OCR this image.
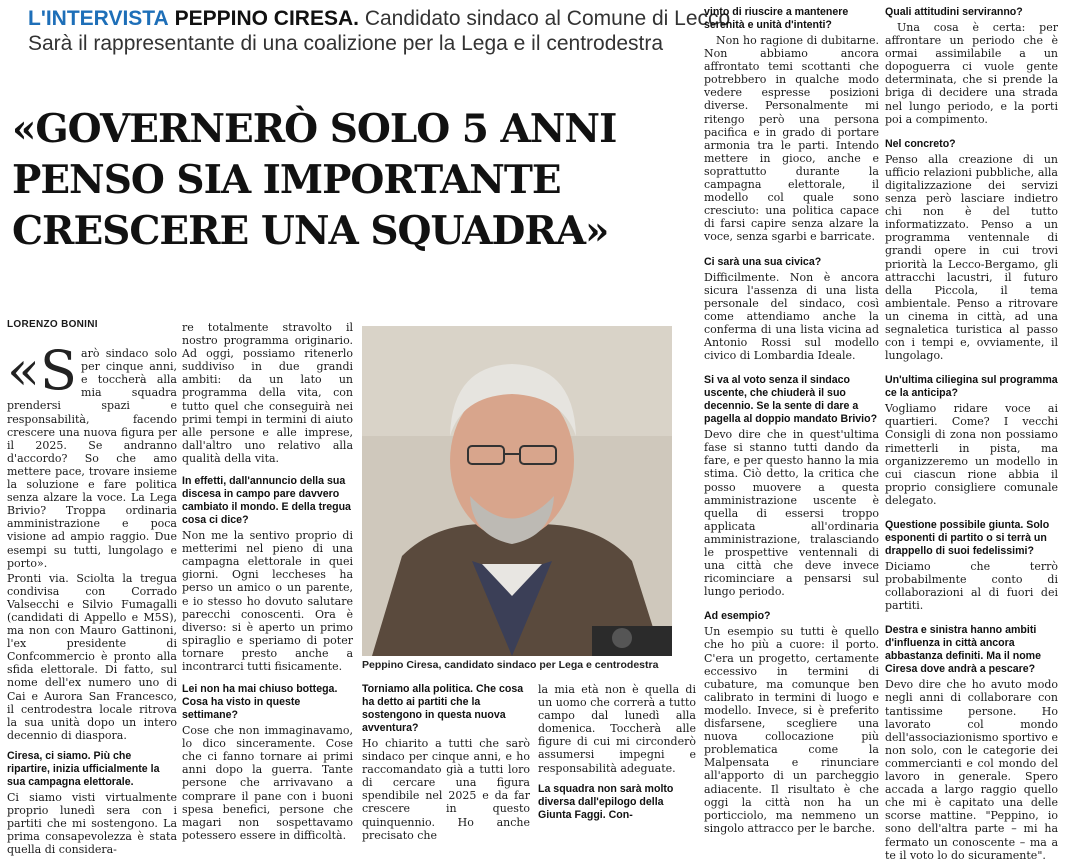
L'INTERVISTA PEPPINO CIRESA. Candidato sindaco al Comune di Lecco
Sarà il rappresentante di una coalizione per la Lega e il centrodestra
«GOVERNERÒ SOLO 5 ANNI
PENSO SIA IMPORTANTE
CRESCERE UNA SQUADRA»
LORENZO BONINI
«S arò sindaco solo per cinque anni, e toccherà alla mia squadra prendersi spazi e responsabilità, facendo crescere una nuova figura per il 2025. Se andranno d'accordo? So che amo mettere pace, trovare insieme la soluzione e fare politica senza alzare la voce. La Lega Brivio? Troppa ordinaria amministrazione e poca visione ad ampio raggio. Due esempi su tutti, lungolago e porto».

Pronti via. Sciolta la tregua condivisa con Corrado Valsecchi e Silvio Fumagalli (candidati di Appello e M5S), ma non con Mauro Gattinoni, l'ex presidente di Confcommercio è pronto alla sfida elettorale. Di fatto, sul nome dell'ex numero uno di Cai e Aurora San Francesco, il centrodestra locale ritrova la sua unità dopo un intero decennio di diaspora.

Ciresa, ci siamo. Più che ripartire, inizia ufficialmente la sua campagna elettorale.

Ci siamo visti virtualmente proprio lunedì sera con i partiti che mi sostengono. La prima consapevolezza è stata quella di considera-

re totalmente stravolto il nostro programma originario. Ad oggi, possiamo ritenerlo suddiviso in due grandi ambiti: da un lato un programma della vita, con tutto quel che conseguirà nei primi tempi in termini di aiuto alle persone e alle imprese, dall'altro uno relativo alla qualità della vita.

In effetti, dall'annuncio della sua discesa in campo pare davvero cambiato il mondo. E della tregua cosa ci dice?

Non me la sentivo proprio di metterimi nel pieno di una campagna elettorale in quei giorni. Ogni leccheses ha perso un amico o un parente, e io stesso ho dovuto salutare parecchi conoscenti. Ora è diverso: si è aperto un primo spiraglio e speriamo di poter tornare presto anche a incontrarci tutti fisicamente.

Lei non ha mai chiuso bottega. Cosa ha visto in queste settimane?

Cose che non immaginavamo, lo dico sinceramente. Cose che ci fanno tornare ai primi anni dopo la guerra. Tante persone che arrivavano a comprare il pane con i buoni spesa benefici, persone che magari non sospettavamo potessero essere in difficoltà.

Peppino Ciresa, candidato sindaco per Lega e centrodestra

Torniamo alla politica. Che cosa ha detto ai partiti che la sostengono in questa nuova avventura?

Ho chiarito a tutti che sarò sindaco per cinque anni, e ho raccomandato già a tutti loro di cercare una figura spendibile nel 2025 e da far crescere in questo quinquennio. Ho anche precisato che

la mia età non è quella di un uomo che correrà a tutto campo dal lunedì alla domenica. Toccherà alle figure di cui mi circonderò assumersi impegni e responsabilità adeguate.

La squadra non sarà molto diversa dall'epilogo della Giunta Faggi. Con-

vinto di riuscire a mantenere serenità e unità d'intenti?

Non ho ragione di dubitarne. Non abbiamo ancora affrontato temi scottanti che potrebbero in qualche modo vedere espresse posizioni diverse. Personalmente mi ritengo però una persona pacifica e in grado di portare armonia tra le parti. Intendo mettere in gioco, anche e soprattutto durante la campagna elettorale, il modello col quale sono cresciuto: una politica capace di farsi capire senza alzare la voce, senza sgarbi e barricate.

Ci sarà una sua civica?

Difficilmente. Non è ancora sicura l'assenza di una lista personale del sindaco, così come attendiamo anche la conferma di una lista vicina ad Antonio Rossi sul modello civico di Lombardia Ideale.

Si va al voto senza il sindaco uscente, che chiuderà il suo decennio. Se la sente di dare a pagella al doppio mandato Brivio?

Devo dire che in quest'ultima fase si stanno tutti dando da fare, e per questo hanno la mia stima. Ciò detto, la critica che posso muovere a questa amministrazione uscente è quella di essersi troppo applicata all'ordinaria amministrazione, tralasciando le prospettive ventennali di una città che deve invece ricominciare a pensarsi sul lungo periodo.

Ad esempio?

Un esempio su tutti è quello che ho più a cuore: il porto. C'era un progetto, certamente eccessivo in termini di cubature, ma comunque ben calibrato in termini di luogo e modello. Invece, si è preferito disfarsene, scegliere una nuova collocazione più problematica come la Malpensata e rinunciare all'apporto di un parcheggio adiacente. Il risultato è che oggi la città non ha un porticciolo, ma nemmeno un singolo attracco per le barche.

Quali attitudini serviranno?

Una cosa è certa: per affrontare un periodo che è ormai assimilabile a un dopoguerra ci vuole gente determinata, che si prende la briga di decidere una strada nel lungo periodo, e la porti poi a compimento.

Nel concreto?

Penso alla creazione di un ufficio relazioni pubbliche, alla digitalizzazione dei servizi senza però lasciare indietro chi non è del tutto informatizzato. Penso a un programma ventennale di grandi opere in cui trovi priorità la Lecco-Bergamo, gli attracchi lacustri, il futuro della Piccola, il tema ambientale. Penso a ritrovare un cinema in città, ad una segnaletica turistica al passo con i tempi e, ovviamente, il lungolago.

Un'ultima ciliegina sul programma ce la anticipa?

Vogliamo ridare voce ai quartieri. Come? I vecchi Consigli di zona non possiamo rimetterli in pista, ma organizzeremo un modello in cui ciascun rione abbia il proprio consigliere comunale delegato.

Questione possibile giunta. Solo esponenti di partito o si terrà un drappello di suoi fedelissimi?

Diciamo che terrò probabilmente conto di collaborazioni al di fuori dei partiti.

Destra e sinistra hanno ambiti d'influenza in città ancora abbastanza definiti. Ma il nome Ciresa dove andrà a pescare?

Devo dire che ho avuto modo negli anni di collaborare con tantissime persone. Ho lavorato col mondo dell'associazionismo sportivo e non solo, con le categorie dei commercianti e col mondo del lavoro in generale. Spero accada a largo raggio quello che mi è capitato una delle scorse mattine. "Peppino, io sono dell'altra parte – mi ha fermato un conoscente – ma a te il voto lo do sicuramente".
